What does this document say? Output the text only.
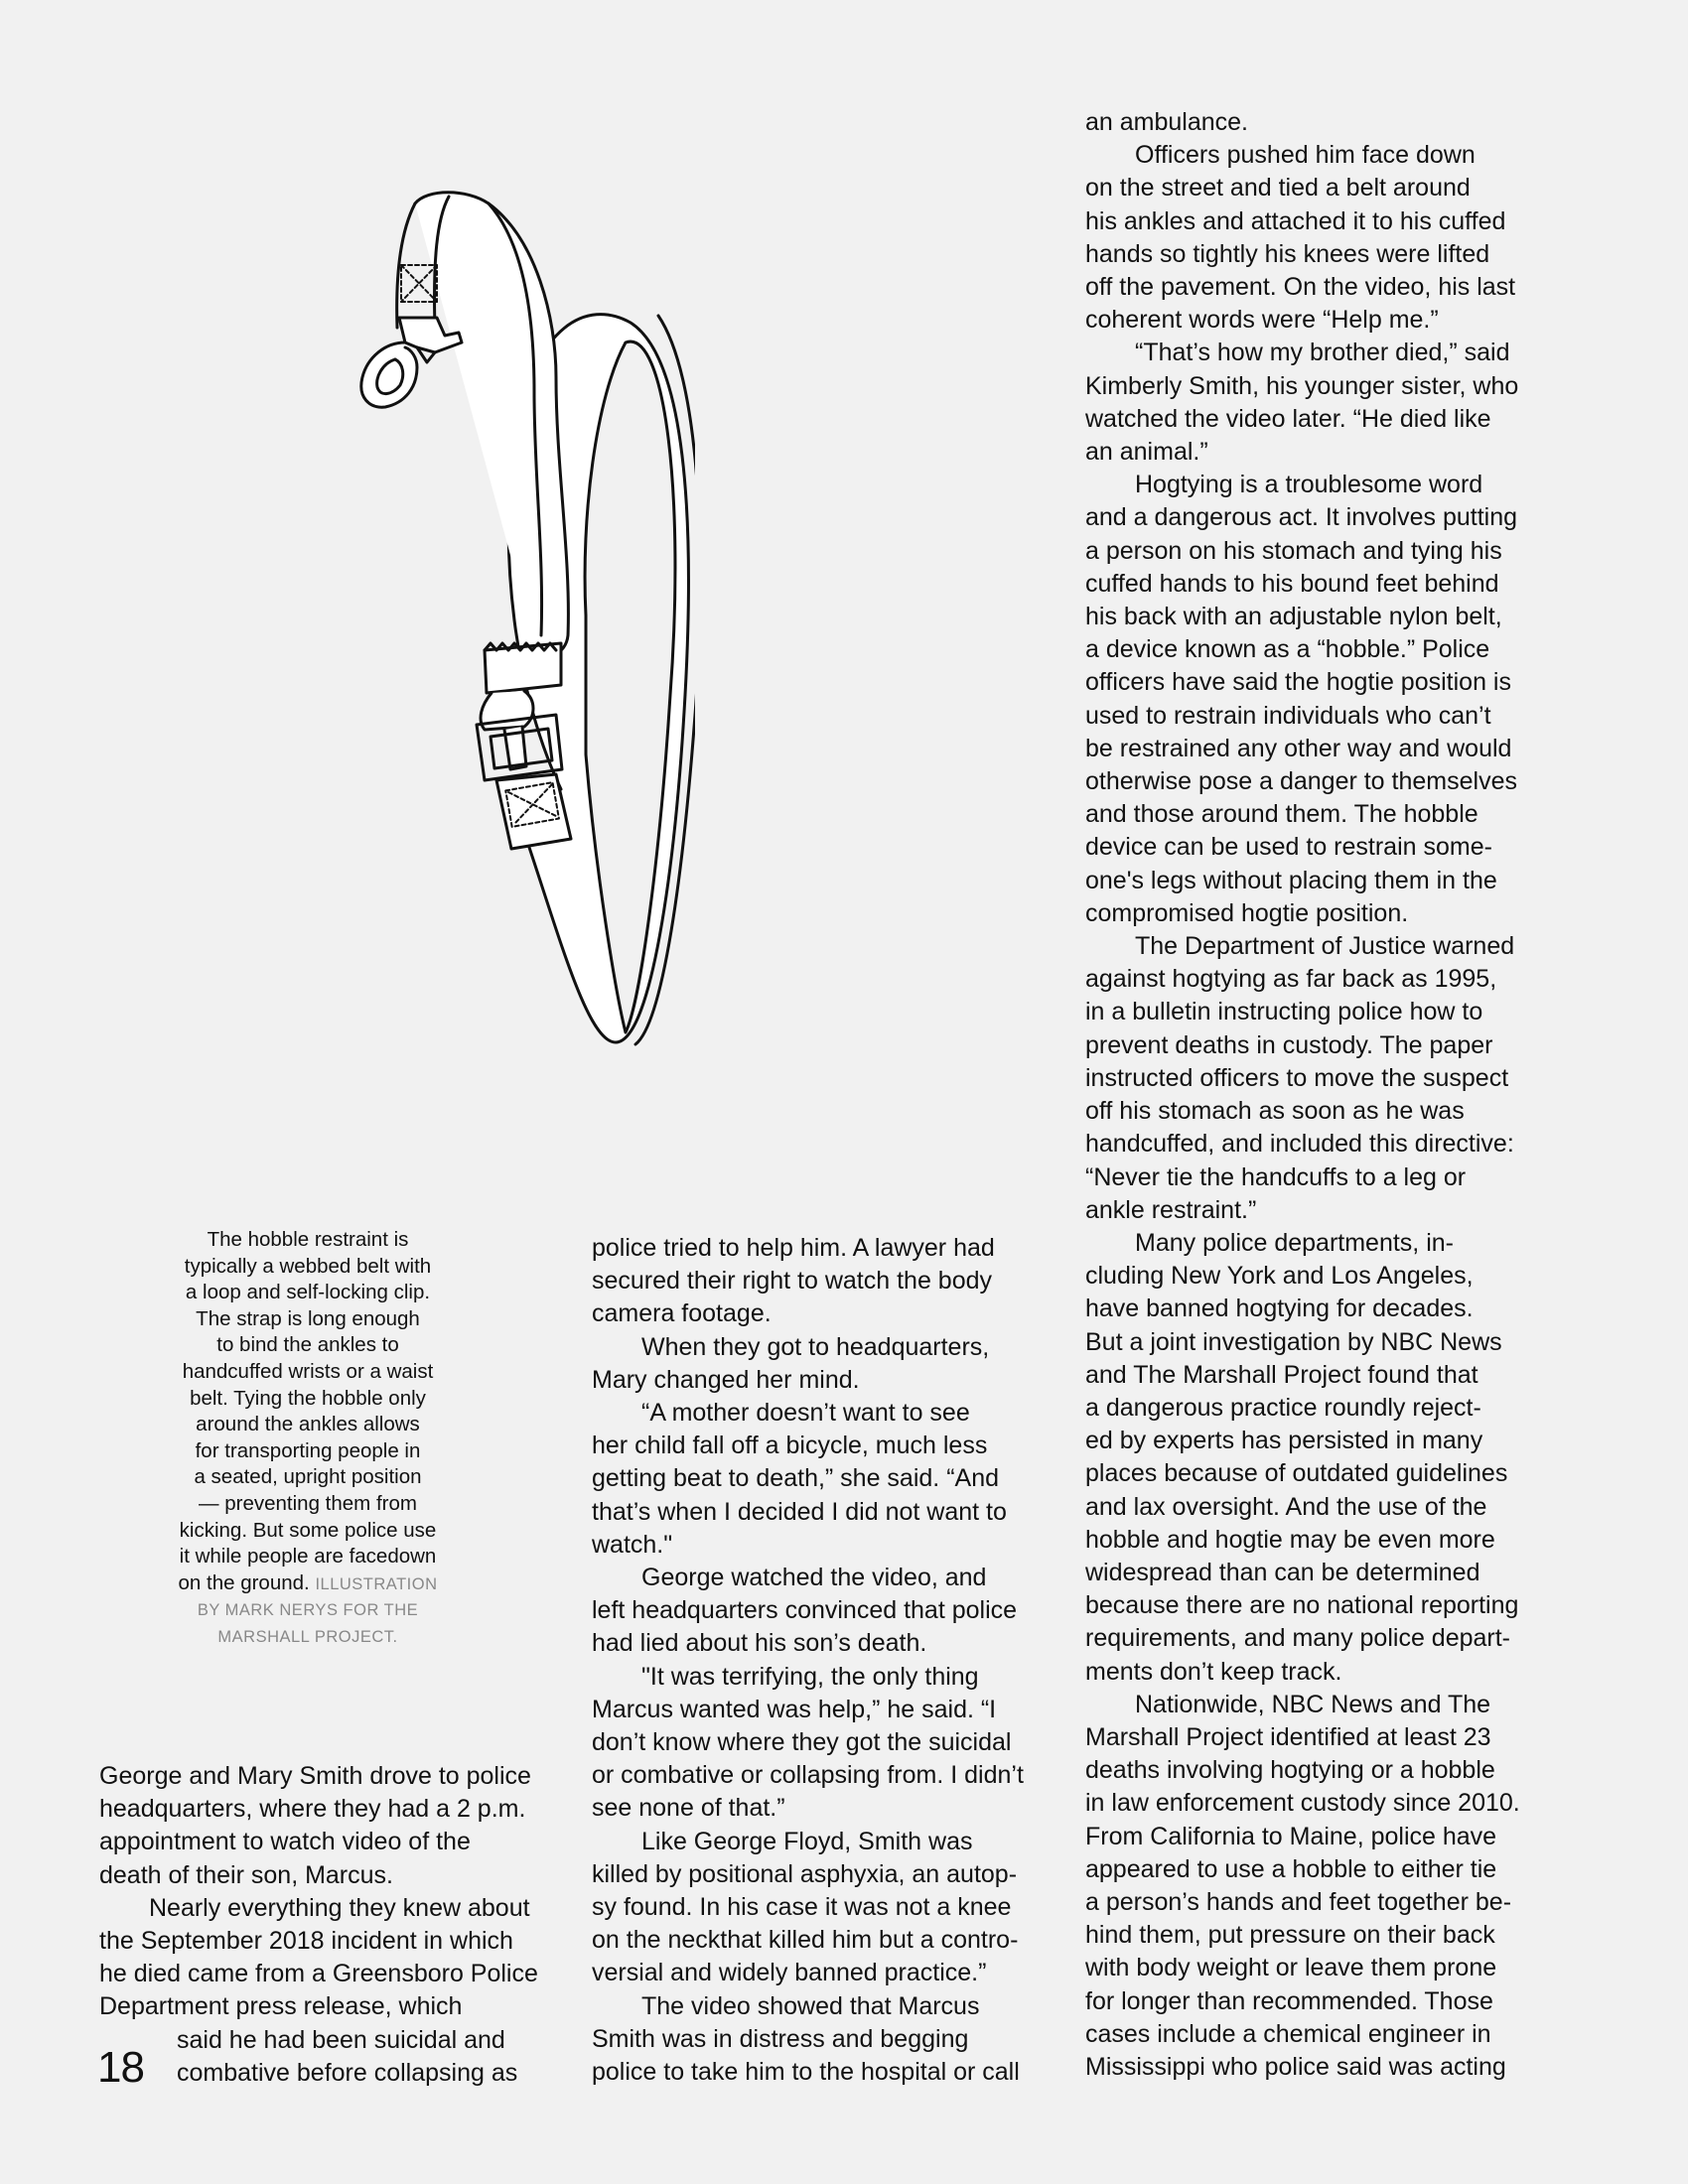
The hobble restraint is
typically a webbed belt with
a loop and self-locking clip.
The strap is long enough
to bind the ankles to
handcuffed wrists or a waist
belt. Tying the hobble only
around the ankles allows
for transporting people in
a seated, upright position
— preventing them from
kicking. But some police use
it while people are facedown
on the ground. ILLUSTRATION
BY MARK NERYS FOR THE
MARSHALL PROJECT.
George and Mary Smith drove to police
headquarters, where they had a 2 p.m.
appointment to watch video of the
death of their son, Marcus.
Nearly everything they knew about
the September 2018 incident in which
he died came from a Greensboro Police
Department press release, which
said he had been suicidal and
combative before collapsing as
18
police tried to help him. A lawyer had
secured their right to watch the body
camera footage.
When they got to headquarters,
Mary changed her mind.
“A mother doesn’t want to see
her child fall off a bicycle, much less
getting beat to death,” she said. “And
that’s when I decided I did not want to
watch."
George watched the video, and
left headquarters convinced that police
had lied about his son’s death.
"It was terrifying, the only thing
Marcus wanted was help,” he said. “I
don’t know where they got the suicidal
or combative or collapsing from. I didn’t
see none of that.”
Like George Floyd, Smith was
killed by positional asphyxia, an autop-
sy found. In his case it was not a knee
on the neckthat killed him but a contro-
versial and widely banned practice.”
The video showed that Marcus
Smith was in distress and begging
police to take him to the hospital or call
an ambulance.
Officers pushed him face down
on the street and tied a belt around
his ankles and attached it to his cuffed
hands so tightly his knees were lifted
off the pavement. On the video, his last
coherent words were “Help me.”
“That’s how my brother died,” said
Kimberly Smith, his younger sister, who
watched the video later. “He died like
an animal.”
Hogtying is a troublesome word
and a dangerous act. It involves putting
a person on his stomach and tying his
cuffed hands to his bound feet behind
his back with an adjustable nylon belt,
a device known as a “hobble.” Police
officers have said the hogtie position is
used to restrain individuals who can’t
be restrained any other way and would
otherwise pose a danger to themselves
and those around them. The hobble
device can be used to restrain some-
one's legs without placing them in the
compromised hogtie position.
The Department of Justice warned
against hogtying as far back as 1995,
in a bulletin instructing police how to
prevent deaths in custody. The paper
instructed officers to move the suspect
off his stomach as soon as he was
handcuffed, and included this directive:
“Never tie the handcuffs to a leg or
ankle restraint.”
Many police departments, in-
cluding New York and Los Angeles,
have banned hogtying for decades.
But a joint investigation by NBC News
and The Marshall Project found that
a dangerous practice roundly reject-
ed by experts has persisted in many
places because of outdated guidelines
and lax oversight. And the use of the
hobble and hogtie may be even more
widespread than can be determined
because there are no national reporting
requirements, and many police depart-
ments don’t keep track.
Nationwide, NBC News and The
Marshall Project identified at least 23
deaths involving hogtying or a hobble
in law enforcement custody since 2010.
From California to Maine, police have
appeared to use a hobble to either tie
a person’s hands and feet together be-
hind them, put pressure on their back
with body weight or leave them prone
for longer than recommended. Those
cases include a chemical engineer in
Mississippi who police said was acting
